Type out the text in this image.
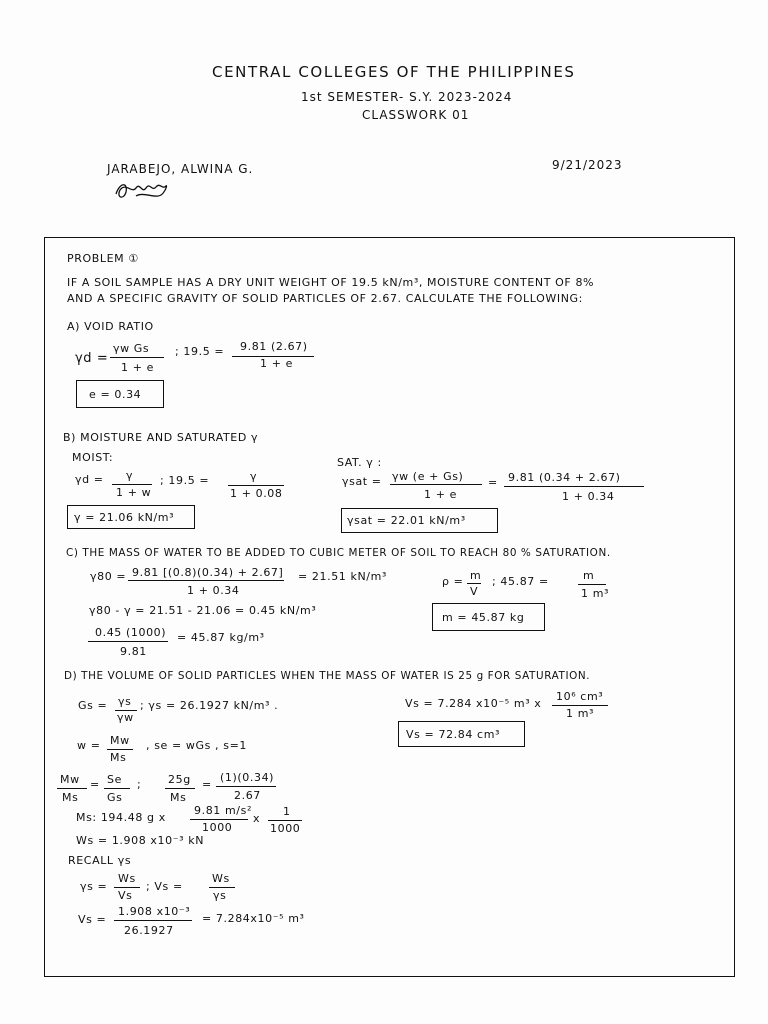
CENTRAL COLLEGES OF THE PHILIPPINES
1st SEMESTER- S.Y. 2023-2024
CLASSWORK 01
JARABEJO, ALWINA G.	9/21/2023
PROBLEM ①
IF A SOIL SAMPLE HAS A DRY UNIT WEIGHT OF 19.5 kN/m³, MOISTURE CONTENT OF 8%
AND A SPECIFIC GRAVITY OF SOLID PARTICLES OF 2.67. CALCULATE THE FOLLOWING:
A) VOID RATIO
γd =
γw Gs
1 + e
; 19.5 = 9.81 (2.67)
1 + e
e = 0.34
B) MOISTURE AND SATURATED γ
MOIST:
γd = γ
1 + w
; 19.5 =	γ
1 + 0.08
γ = 21.06 kN/m³
SAT. γ :
γsat = γw (e + Gs)
1 + e
= 9.81 (0.34 + 2.67)
1 + 0.34
γsat = 22.01 kN/m³
C) THE MASS OF WATER TO BE ADDED TO CUBIC METER OF SOIL TO REACH 80 % SATURATION.
γ80 = 9.81 [(0.8)(0.34) + 2.67]
1 + 0.34
= 21.51 kN/m³	ρ = m
V
; 45.87 =	m
1 m³
γ80 - γ = 21.51 - 21.06 = 0.45 kN/m³
0.45 (1000)
9.81
= 45.87 kg/m³
m = 45.87 kg
D) THE VOLUME OF SOLID PARTICLES WHEN THE MASS OF WATER IS 25 g FOR SATURATION.
Gs = γs
γw
; γs = 26.1927 kN/m³ .	Vs = 7.284 x10⁻⁵ m³ x
10⁶ cm³
1 m³
Vs = 72.84 cm³
w = Mw
Ms
, se = wGs , s=1
Mw
Ms
= Se
Gs
; 25g
Ms
=
(1)(0.34)
2.67
Ms: 194.48 g x
9.81 m/s²
1000
x
1
1000
Ws = 1.908 x10⁻³ kN
RECALL γs
γs =
Ws
Vs
; Vs =
Ws
γs
Vs =
1.908 x10⁻³
26.1927
= 7.284x10⁻⁵ m³
